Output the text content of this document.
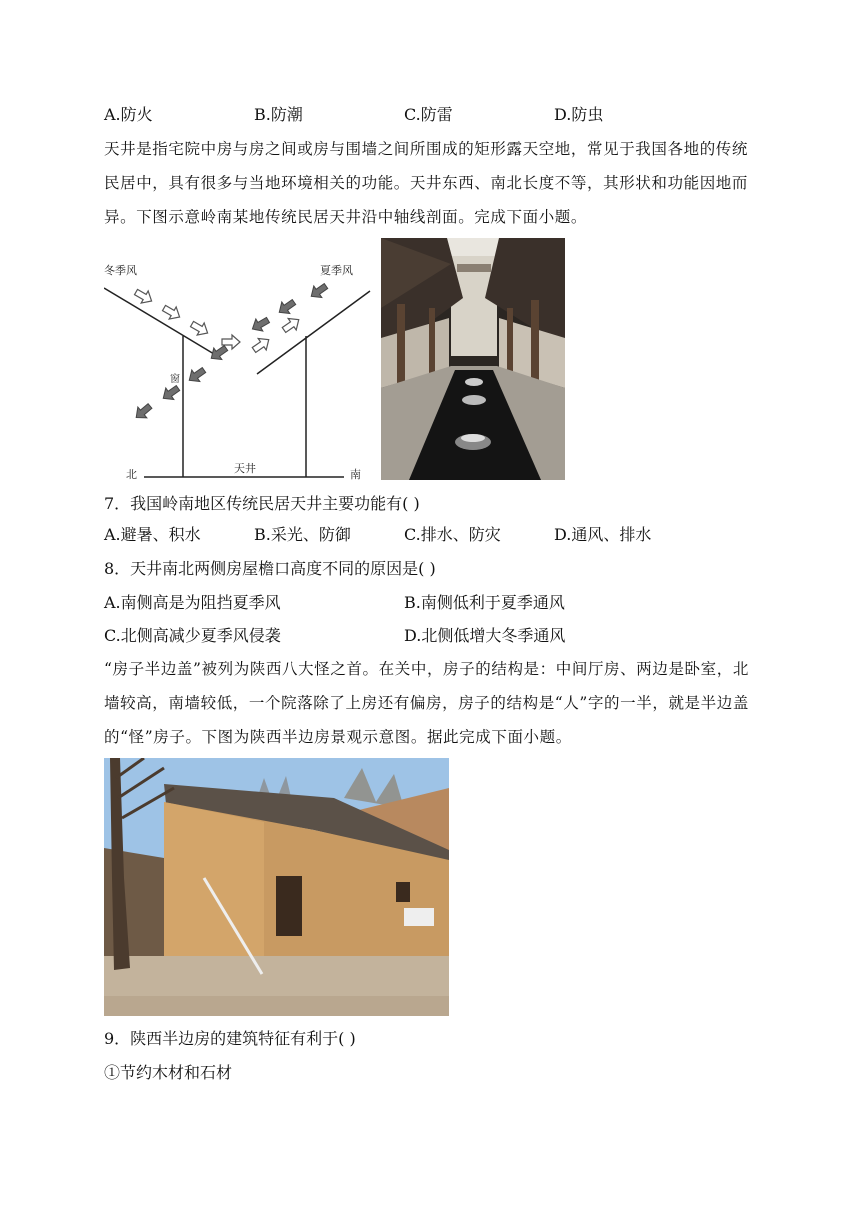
A.防火	B.防潮	C.防雷	D.防虫
天井是指宅院中房与房之间或房与围墙之间所围成的矩形露天空地，常见于我国各地的传统民居中，具有很多与当地环境相关的功能。天井东西、南北长度不等，其形状和功能因地而异。下图示意岭南某地传统民居天井沿中轴线剖面。完成下面小题。
冬季风	夏季风
窗
天井
北	南
7．我国岭南地区传统民居天井主要功能有( )
A.避暑、积水	B.采光、防御	C.排水、防灾	D.通风、排水
8．天井南北两侧房屋檐口高度不同的原因是( )
A.南侧高是为阻挡夏季风	B.南侧低利于夏季通风
C.北侧高减少夏季风侵袭	D.北侧低增大冬季通风
“房子半边盖”被列为陕西八大怪之首。在关中，房子的结构是：中间厅房、两边是卧室，北墙较高，南墙较低，一个院落除了上房还有偏房，房子的结构是“人”字的一半，就是半边盖的“怪”房子。下图为陕西半边房景观示意图。据此完成下面小题。
9．陕西半边房的建筑特征有利于( )
①节约木材和石材
